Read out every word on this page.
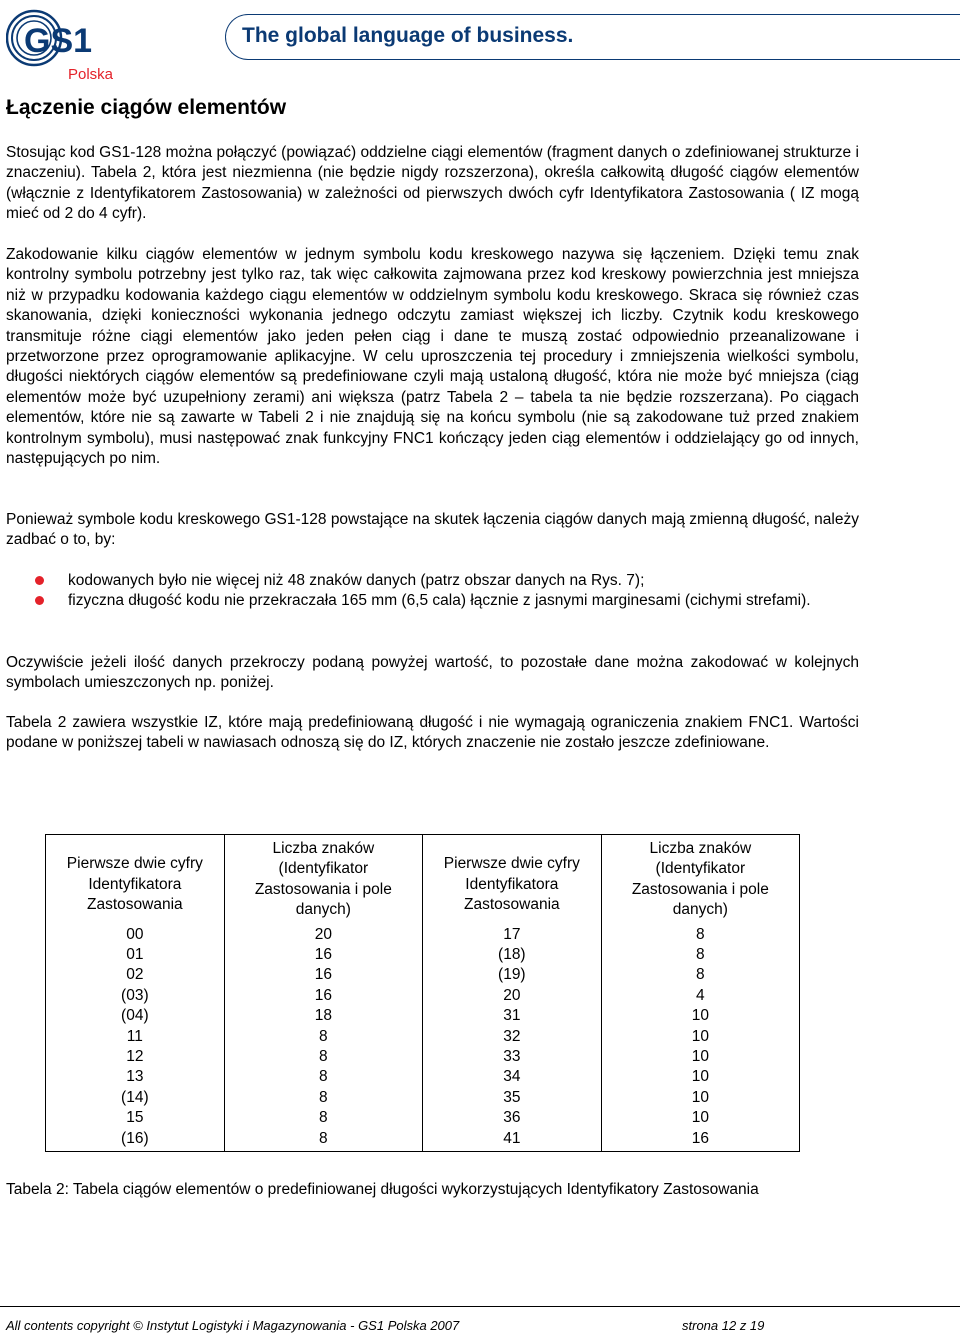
GS1
Polska
The global language of business.
Łączenie ciągów elementów

Stosując kod GS1-128 można połączyć (powiązać) oddzielne ciągi elementów (fragment danych o zdefiniowanej strukturze i znaczeniu). Tabela 2, która jest niezmienna (nie będzie nigdy rozszerzona), określa całkowitą długość ciągów elementów (włącznie z Identyfikatorem Zastosowania) w zależności od pierwszych dwóch cyfr Identyfikatora Zastosowania ( IZ mogą mieć od 2 do 4 cyfr).

Zakodowanie kilku ciągów elementów w jednym symbolu kodu kreskowego nazywa się łączeniem. Dzięki temu znak kontrolny symbolu potrzebny jest tylko raz, tak więc całkowita zajmowana przez kod kreskowy powierzchnia jest mniejsza niż w przypadku kodowania każdego ciągu elementów w oddzielnym symbolu kodu kreskowego. Skraca się również czas skanowania, dzięki konieczności wykonania jednego odczytu zamiast większej ich liczby. Czytnik kodu kreskowego transmituje różne ciągi elementów jako jeden pełen ciąg i dane te muszą zostać odpowiednio przeanalizowane i przetworzone przez oprogramowanie aplikacyjne. W celu uproszczenia tej procedury i zmniejszenia wielkości symbolu, długości niektórych ciągów elementów są predefiniowane czyli mają ustaloną długość, która nie może być mniejsza (ciąg elementów może być uzupełniony zerami) ani większa (patrz Tabela 2 – tabela ta nie będzie rozszerzana). Po ciągach elementów, które nie są zawarte w Tabeli 2 i nie znajdują się na końcu symbolu (nie są zakodowane tuż przed znakiem kontrolnym symbolu), musi następować znak funkcyjny FNC1 kończący jeden ciąg elementów i oddzielający go od innych, następujących po nim.

Ponieważ symbole kodu kreskowego GS1-128 powstające na skutek łączenia ciągów danych mają zmienną długość, należy zadbać o to, by:

kodowanych było nie więcej niż 48 znaków danych (patrz obszar danych na Rys. 7);

fizyczna długość kodu nie przekraczała 165 mm (6,5 cala) łącznie z jasnymi marginesami (cichymi strefami).

Oczywiście jeżeli ilość danych przekroczy podaną powyżej wartość, to pozostałe dane można zakodować w kolejnych symbolach umieszczonych np. poniżej.

Tabela 2 zawiera wszystkie IZ, które mają predefiniowaną długość i nie wymagają ograniczenia znakiem FNC1. Wartości podane w poniższej tabeli w nawiasach odnoszą się do IZ, których znaczenie nie zostało jeszcze zdefiniowane.

Pierwsze dwie cyfry Identyfikatora Zastosowania	Liczba znaków (Identyfikator Zastosowania i pole danych)	Pierwsze dwie cyfry Identyfikatora Zastosowania	Liczba znaków (Identyfikator Zastosowania i pole danych)
00	20	17	8
01	16	(18)	8
02	16	(19)	8
(03)	16	20	4
(04)	18	31	10
11	8	32	10
12	8	33	10
13	8	34	10
(14)	8	35	10
15	8	36	10
(16)	8	41	16

Tabela 2: Tabela ciągów elementów o predefiniowanej długości wykorzystujących Identyfikatory Zastosowania

All contents copyright © Instytut Logistyki i Magazynowania - GS1 Polska 2007	strona 12 z 19
